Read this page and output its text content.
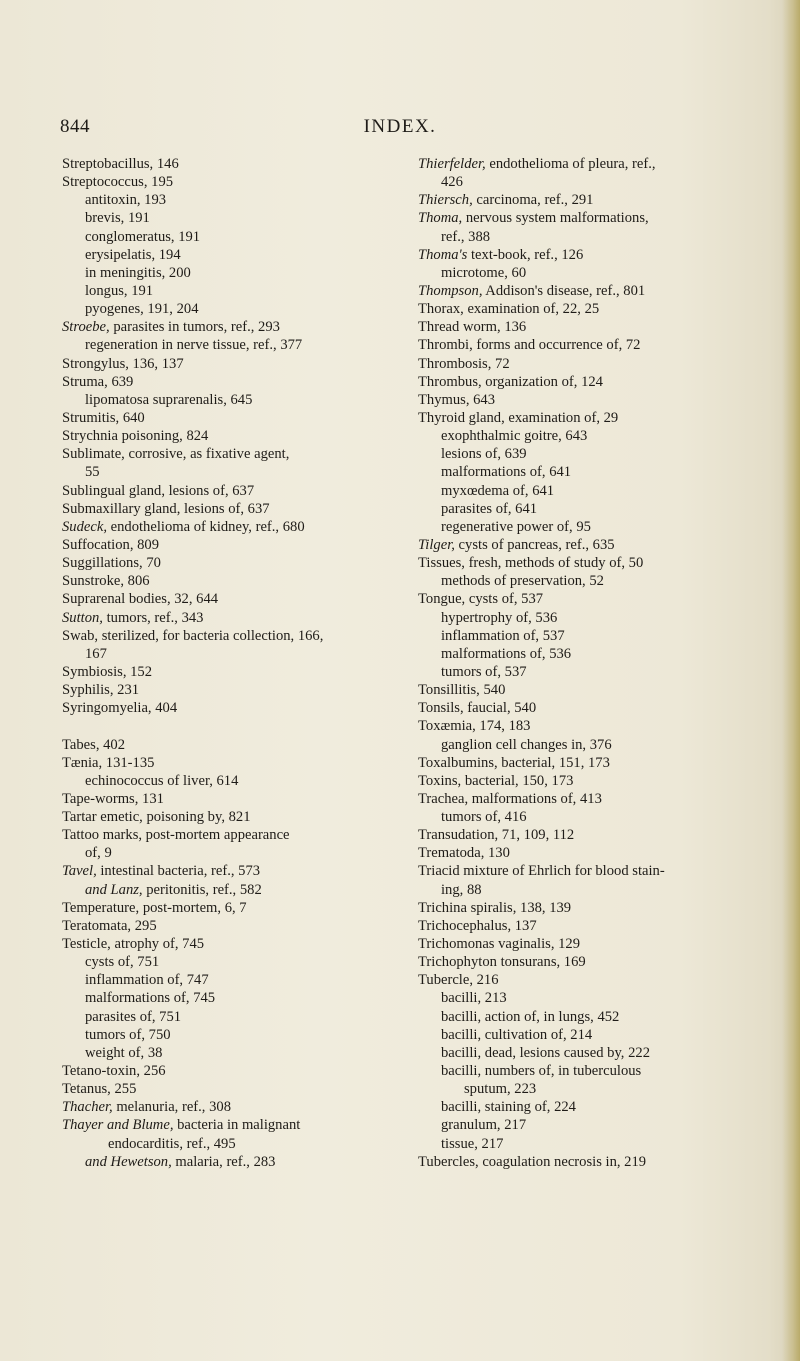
844	INDEX.
Streptobacillus, 146
Streptococcus, 195
antitoxin, 193
brevis, 191
conglomeratus, 191
erysipelatis, 194
in meningitis, 200
longus, 191
pyogenes, 191, 204
Stroebe, parasites in tumors, ref., 293
regeneration in nerve tissue, ref., 377
Strongylus, 136, 137
Struma, 639
lipomatosa suprarenalis, 645
Strumitis, 640
Strychnia poisoning, 824
Sublimate, corrosive, as fixative agent,
55
Sublingual gland, lesions of, 637
Submaxillary gland, lesions of, 637
Sudeck, endothelioma of kidney, ref., 680
Suffocation, 809
Suggillations, 70
Sunstroke, 806
Suprarenal bodies, 32, 644
Sutton, tumors, ref., 343
Swab, sterilized, for bacteria collection, 166,
167
Symbiosis, 152
Syphilis, 231
Syringomyelia, 404
Tabes, 402
Tænia, 131-135
echinococcus of liver, 614
Tape-worms, 131
Tartar emetic, poisoning by, 821
Tattoo marks, post-mortem appearance
of, 9
Tavel, intestinal bacteria, ref., 573
and Lanz, peritonitis, ref., 582
Temperature, post-mortem, 6, 7
Teratomata, 295
Testicle, atrophy of, 745
cysts of, 751
inflammation of, 747
malformations of, 745
parasites of, 751
tumors of, 750
weight of, 38
Tetano-toxin, 256
Tetanus, 255
Thacher, melanuria, ref., 308
Thayer and Blume, bacteria in malignant
endocarditis, ref., 495
and Hewetson, malaria, ref., 283
Thierfelder, endothelioma of pleura, ref.,
426
Thiersch, carcinoma, ref., 291
Thoma, nervous system malformations,
ref., 388
Thoma's text-book, ref., 126
microtome, 60
Thompson, Addison's disease, ref., 801
Thorax, examination of, 22, 25
Thread worm, 136
Thrombi, forms and occurrence of, 72
Thrombosis, 72
Thrombus, organization of, 124
Thymus, 643
Thyroid gland, examination of, 29
exophthalmic goitre, 643
lesions of, 639
malformations of, 641
myxœdema of, 641
parasites of, 641
regenerative power of, 95
Tilger, cysts of pancreas, ref., 635
Tissues, fresh, methods of study of, 50
methods of preservation, 52
Tongue, cysts of, 537
hypertrophy of, 536
inflammation of, 537
malformations of, 536
tumors of, 537
Tonsillitis, 540
Tonsils, faucial, 540
Toxæmia, 174, 183
ganglion cell changes in, 376
Toxalbumins, bacterial, 151, 173
Toxins, bacterial, 150, 173
Trachea, malformations of, 413
tumors of, 416
Transudation, 71, 109, 112
Trematoda, 130
Triacid mixture of Ehrlich for blood stain-
ing, 88
Trichina spiralis, 138, 139
Trichocephalus, 137
Trichomonas vaginalis, 129
Trichophyton tonsurans, 169
Tubercle, 216
bacilli, 213
bacilli, action of, in lungs, 452
bacilli, cultivation of, 214
bacilli, dead, lesions caused by, 222
bacilli, numbers of, in tuberculous
sputum, 223
bacilli, staining of, 224
granulum, 217
tissue, 217
Tubercles, coagulation necrosis in, 219
